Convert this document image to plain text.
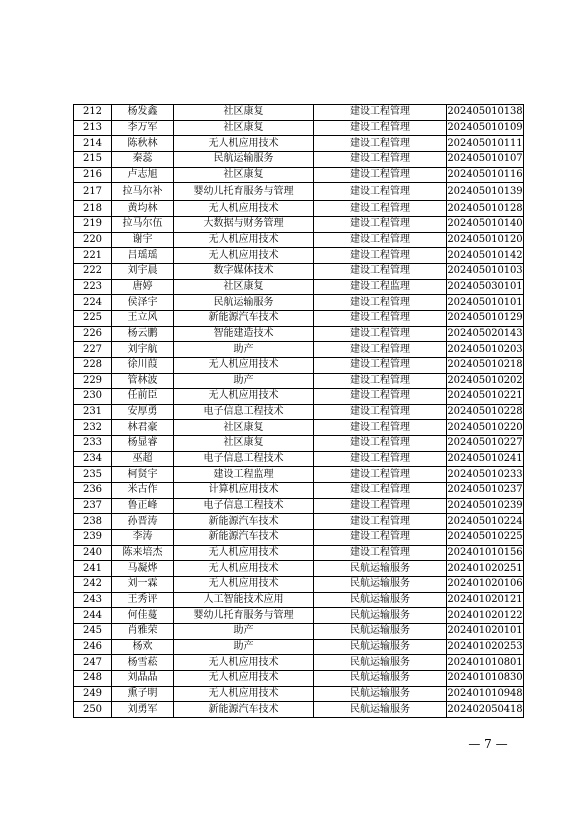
212	杨发鑫	社区康复	建设工程管理	202405010138
213	李万军	社区康复	建设工程管理	202405010109
214	陈秋林	无人机应用技术	建设工程管理	202405010111
215	秦蕊	民航运输服务	建设工程管理	202405010107
216	卢志旭	社区康复	建设工程管理	202405010116
217	拉马尔补	婴幼儿托育服务与管理	建设工程管理	202405010139
218	黄均林	无人机应用技术	建设工程管理	202405010128
219	拉马尔伍	大数据与财务管理	建设工程管理	202405010140
220	谢宇	无人机应用技术	建设工程管理	202405010120
221	吕瑶瑶	无人机应用技术	建设工程管理	202405010142
222	刘宇晨	数字媒体技术	建设工程管理	202405010103
223	唐婷	社区康复	建设工程监理	202405030101
224	侯泽宇	民航运输服务	建设工程管理	202405010101
225	王立风	新能源汽车技术	建设工程管理	202405010129
226	杨云鹏	智能建造技术	建设工程管理	202405020143
227	刘宇航	助产	建设工程管理	202405010203
228	徐川葭	无人机应用技术	建设工程管理	202405010218
229	管林波	助产	建设工程管理	202405010202
230	任前臣	无人机应用技术	建设工程管理	202405010221
231	安厚勇	电子信息工程技术	建设工程管理	202405010228
232	林君豪	社区康复	建设工程管理	202405010220
233	杨显睿	社区康复	建设工程管理	202405010227
234	巫超	电子信息工程技术	建设工程管理	202405010241
235	柯贤宇	建设工程监理	建设工程管理	202405010233
236	米古作	计算机应用技术	建设工程管理	202405010237
237	鲁正峰	电子信息工程技术	建设工程管理	202405010239
238	孙晋涛	新能源汽车技术	建设工程管理	202405010224
239	李涛	新能源汽车技术	建设工程管理	202405010225
240	陈来培杰	无人机应用技术	建设工程管理	202401010156
241	马凝烨	无人机应用技术	民航运输服务	202401020251
242	刘一霖	无人机应用技术	民航运输服务	202401020106
243	王秀评	人工智能技术应用	民航运输服务	202401020121
244	何佳蔓	婴幼儿托育服务与管理	民航运输服务	202401020122
245	肖雅荣	助产	民航运输服务	202401020101
246	杨欢	助产	民航运输服务	202401020253
247	杨雪菘	无人机应用技术	民航运输服务	202401010801
248	刘晶晶	无人机应用技术	民航运输服务	202401010830
249	熏子明	无人机应用技术	民航运输服务	202401010948
250	刘勇军	新能源汽车技术	民航运输服务	202402050418
— 7 —
